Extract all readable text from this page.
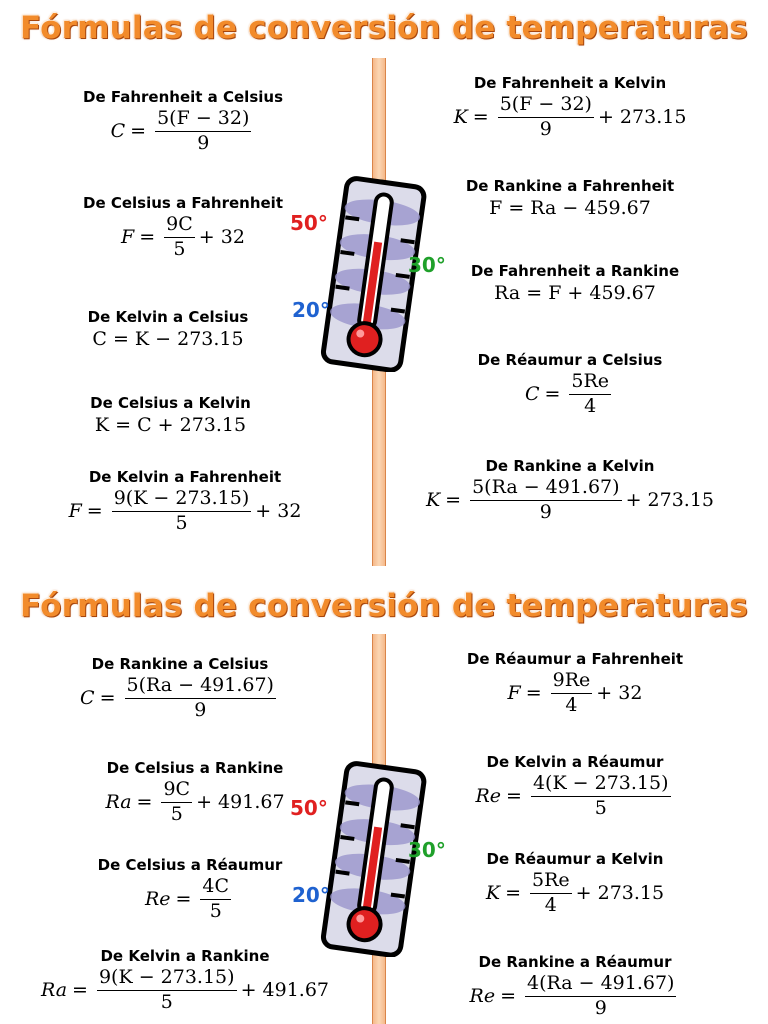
Fórmulas de conversión de temperaturas
50°
30°
20°
De Fahrenheit a Celsius
$C = \frac{5(F - 32)}{9}$
De Celsius a Fahrenheit
$F = \frac{9C}{5} + 32$
De Kelvin a Celsius
C = K − 273.15
De Celsius a Kelvin
K = C + 273.15
De Kelvin a Fahrenheit
$F = \frac{9(K - 273.15)}{5} + 32$
De Fahrenheit a Kelvin
$K = \frac{5(F - 32)}{9} + 273.15$
De Rankine a Fahrenheit
F = Ra − 459.67
De Fahrenheit a Rankine
Ra = F + 459.67
De Réaumur a Celsius
$C = \frac{5Re}{4}$
De Rankine a Kelvin
$K = \frac{5(Ra - 491.67)}{9} + 273.15$
Fórmulas de conversión de temperaturas
50°
30°
20°
De Rankine a Celsius
$C = \frac{5(Ra - 491.67)}{9}$
De Celsius a Rankine
$Ra = \frac{9C}{5} + 491.67$
De Celsius a Réaumur
$Re = \frac{4C}{5}$
De Kelvin a Rankine
$Ra = \frac{9(K - 273.15)}{5} + 491.67$
De Réaumur a Fahrenheit
$F = \frac{9Re}{4} + 32$
De Kelvin a Réaumur
$Re = \frac{4(K - 273.15)}{5}$
De Réaumur a Kelvin
$K = \frac{5Re}{4} + 273.15$
De Rankine a Réaumur
$Re = \frac{4(Ra - 491.67)}{9}$
